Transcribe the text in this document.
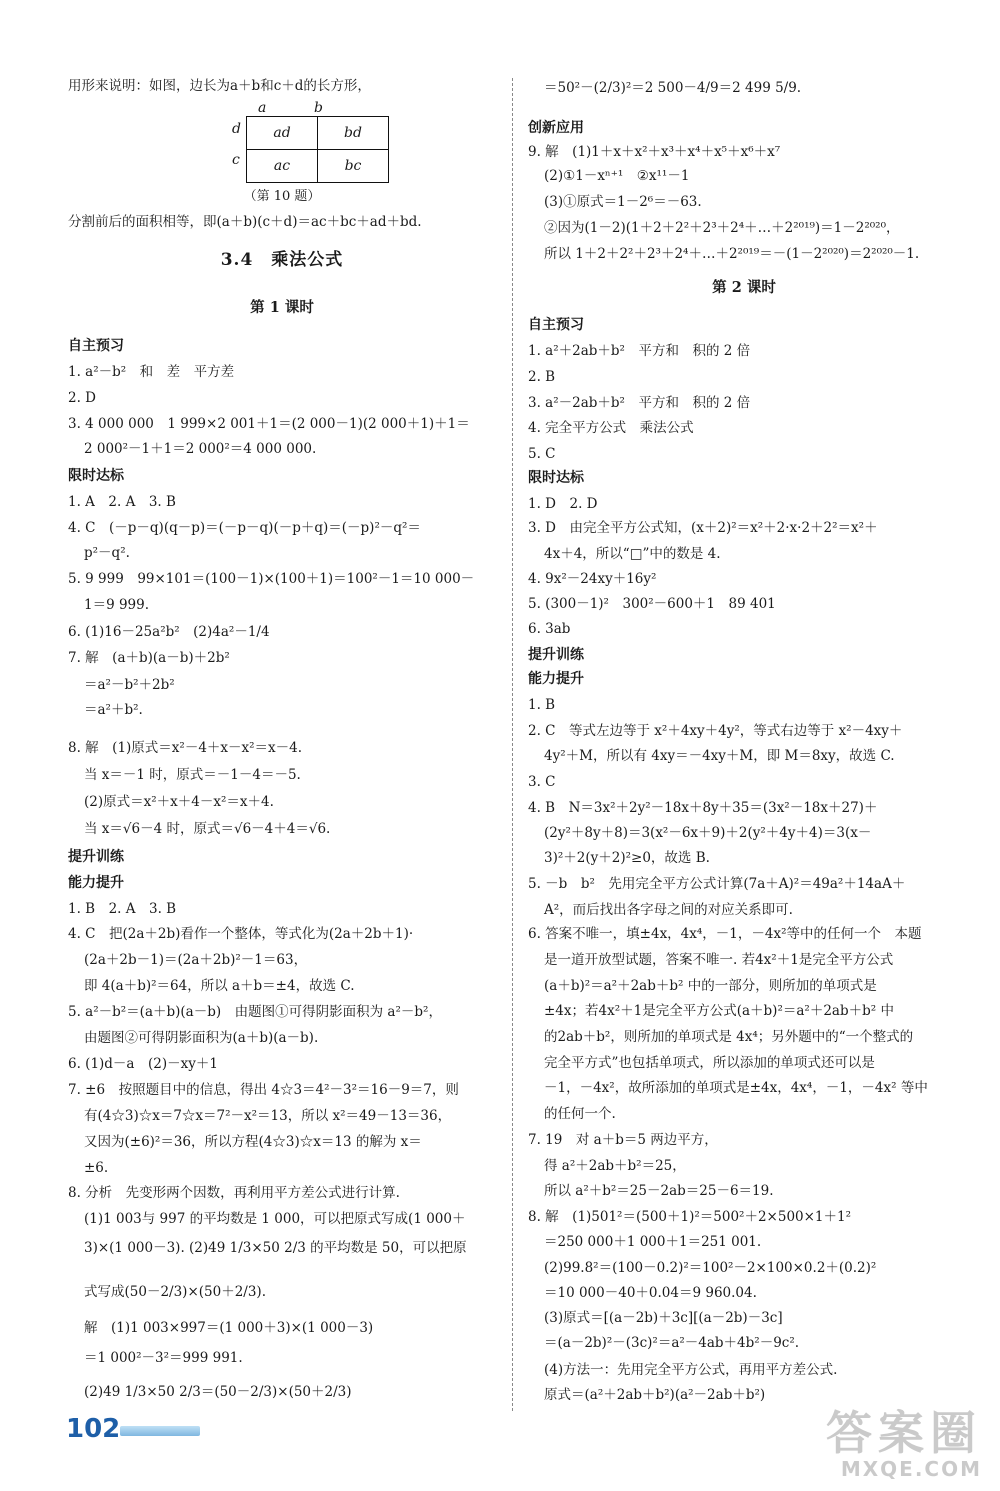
用形来说明：如图，边长为a＋b和c＋d的长方形，
a	b
d
c
ad	bd
ac	bc
（第 10 题）
分割前后的面积相等，即(a＋b)(c＋d)＝ac＋bc＋ad＋bd.
3.4　乘法公式
第 1 课时
自主预习
1. a²－b²　和　差　平方差
2. D
3. 4 000 000　1 999×2 001＋1＝(2 000－1)(2 000＋1)＋1＝
2 000²－1＋1＝2 000²＝4 000 000.
限时达标
1. A　2. A　3. B
4. C　(－p－q)(q－p)＝(－p－q)(－p＋q)＝(－p)²－q²＝
p²－q².
5. 9 999　99×101＝(100－1)×(100＋1)＝100²－1＝10 000－
1＝9 999.
6. (1)16－25a²b²　(2)4a²－1/4
7. 解　(a＋b)(a－b)＋2b²
＝a²－b²＋2b²
＝a²＋b².
8. 解　(1)原式＝x²－4＋x－x²＝x－4.
当 x＝－1 时，原式＝－1－4＝－5.
(2)原式＝x²＋x＋4－x²＝x＋4.
当 x＝√6－4 时，原式＝√6－4＋4＝√6.
提升训练
能力提升
1. B　2. A　3. B
4. C　把(2a＋2b)看作一个整体，等式化为(2a＋2b＋1)·
(2a＋2b－1)＝(2a＋2b)²－1＝63，
即 4(a＋b)²＝64，所以 a＋b＝±4，故选 C.
5. a²－b²＝(a＋b)(a－b)　由题图①可得阴影面积为 a²－b²，
由题图②可得阴影面积为(a＋b)(a－b).
6. (1)d－a　(2)－xy＋1
7. ±6　按照题目中的信息，得出 4☆3＝4²－3²＝16－9＝7，则
有(4☆3)☆x＝7☆x＝7²－x²＝13，所以 x²＝49－13＝36，
又因为(±6)²＝36，所以方程(4☆3)☆x＝13 的解为 x＝
±6.
8. 分析　先变形两个因数，再利用平方差公式进行计算.
(1)1 003与 997 的平均数是 1 000，可以把原式写成(1 000＋
3)×(1 000－3). (2)49 1/3×50 2/3 的平均数是 50，可以把原
式写成(50－2/3)×(50＋2/3).
解　(1)1 003×997＝(1 000＋3)×(1 000－3)
＝1 000²－3²＝999 991.
(2)49 1/3×50 2/3＝(50－2/3)×(50＋2/3)
＝50²－(2/3)²＝2 500－4/9＝2 499 5/9.
创新应用
9. 解　(1)1＋x＋x²＋x³＋x⁴＋x⁵＋x⁶＋x⁷
(2)①1－xⁿ⁺¹　②x¹¹－1
(3)①原式＝1－2⁶＝－63.
②因为(1－2)(1＋2＋2²＋2³＋2⁴＋…＋2²⁰¹⁹)＝1－2²⁰²⁰，
所以 1＋2＋2²＋2³＋2⁴＋…＋2²⁰¹⁹＝－(1－2²⁰²⁰)＝2²⁰²⁰－1.
第 2 课时
自主预习
1. a²＋2ab＋b²　平方和　积的 2 倍
2. B
3. a²－2ab＋b²　平方和　积的 2 倍
4. 完全平方公式　乘法公式
5. C
限时达标
1. D　2. D
3. D　由完全平方公式知，(x＋2)²＝x²＋2·x·2＋2²＝x²＋
4x＋4，所以“□”中的数是 4.
4. 9x²－24xy＋16y²
5. (300－1)²　300²－600＋1　89 401
6. 3ab
提升训练
能力提升
1. B
2. C　等式左边等于 x²＋4xy＋4y²，等式右边等于 x²－4xy＋
4y²＋M，所以有 4xy＝－4xy＋M，即 M＝8xy，故选 C.
3. C
4. B　N＝3x²＋2y²－18x＋8y＋35＝(3x²－18x＋27)＋
(2y²＋8y＋8)＝3(x²－6x＋9)＋2(y²＋4y＋4)＝3(x－
3)²＋2(y＋2)²≥0，故选 B.
5. －b　b²　先用完全平方公式计算(7a＋A)²＝49a²＋14aA＋
A²，而后找出各字母之间的对应关系即可.
6. 答案不唯一，填±4x，4x⁴，－1，－4x²等中的任何一个　本题
是一道开放型试题，答案不唯一. 若4x²＋1是完全平方公式
(a＋b)²＝a²＋2ab＋b² 中的一部分，则所加的单项式是
±4x；若4x²＋1是完全平方公式(a＋b)²＝a²＋2ab＋b² 中
的2ab＋b²，则所加的单项式是 4x⁴；另外题中的“一个整式的
完全平方式”也包括单项式，所以添加的单项式还可以是
－1，－4x²，故所添加的单项式是±4x，4x⁴，－1，－4x² 等中
的任何一个.
7. 19　对 a＋b＝5 两边平方，
得 a²＋2ab＋b²＝25，
所以 a²＋b²＝25－2ab＝25－6＝19.
8. 解　(1)501²＝(500＋1)²＝500²＋2×500×1＋1²
＝250 000＋1 000＋1＝251 001.
(2)99.8²＝(100－0.2)²＝100²－2×100×0.2＋(0.2)²
＝10 000－40＋0.04＝9 960.04.
(3)原式＝[(a－2b)＋3c][(a－2b)－3c]
＝(a－2b)²－(3c)²＝a²－4ab＋4b²－9c².
(4)方法一：先用完全平方公式，再用平方差公式.
原式＝(a²＋2ab＋b²)(a²－2ab＋b²)
102	答案圈
MXQE.COM
